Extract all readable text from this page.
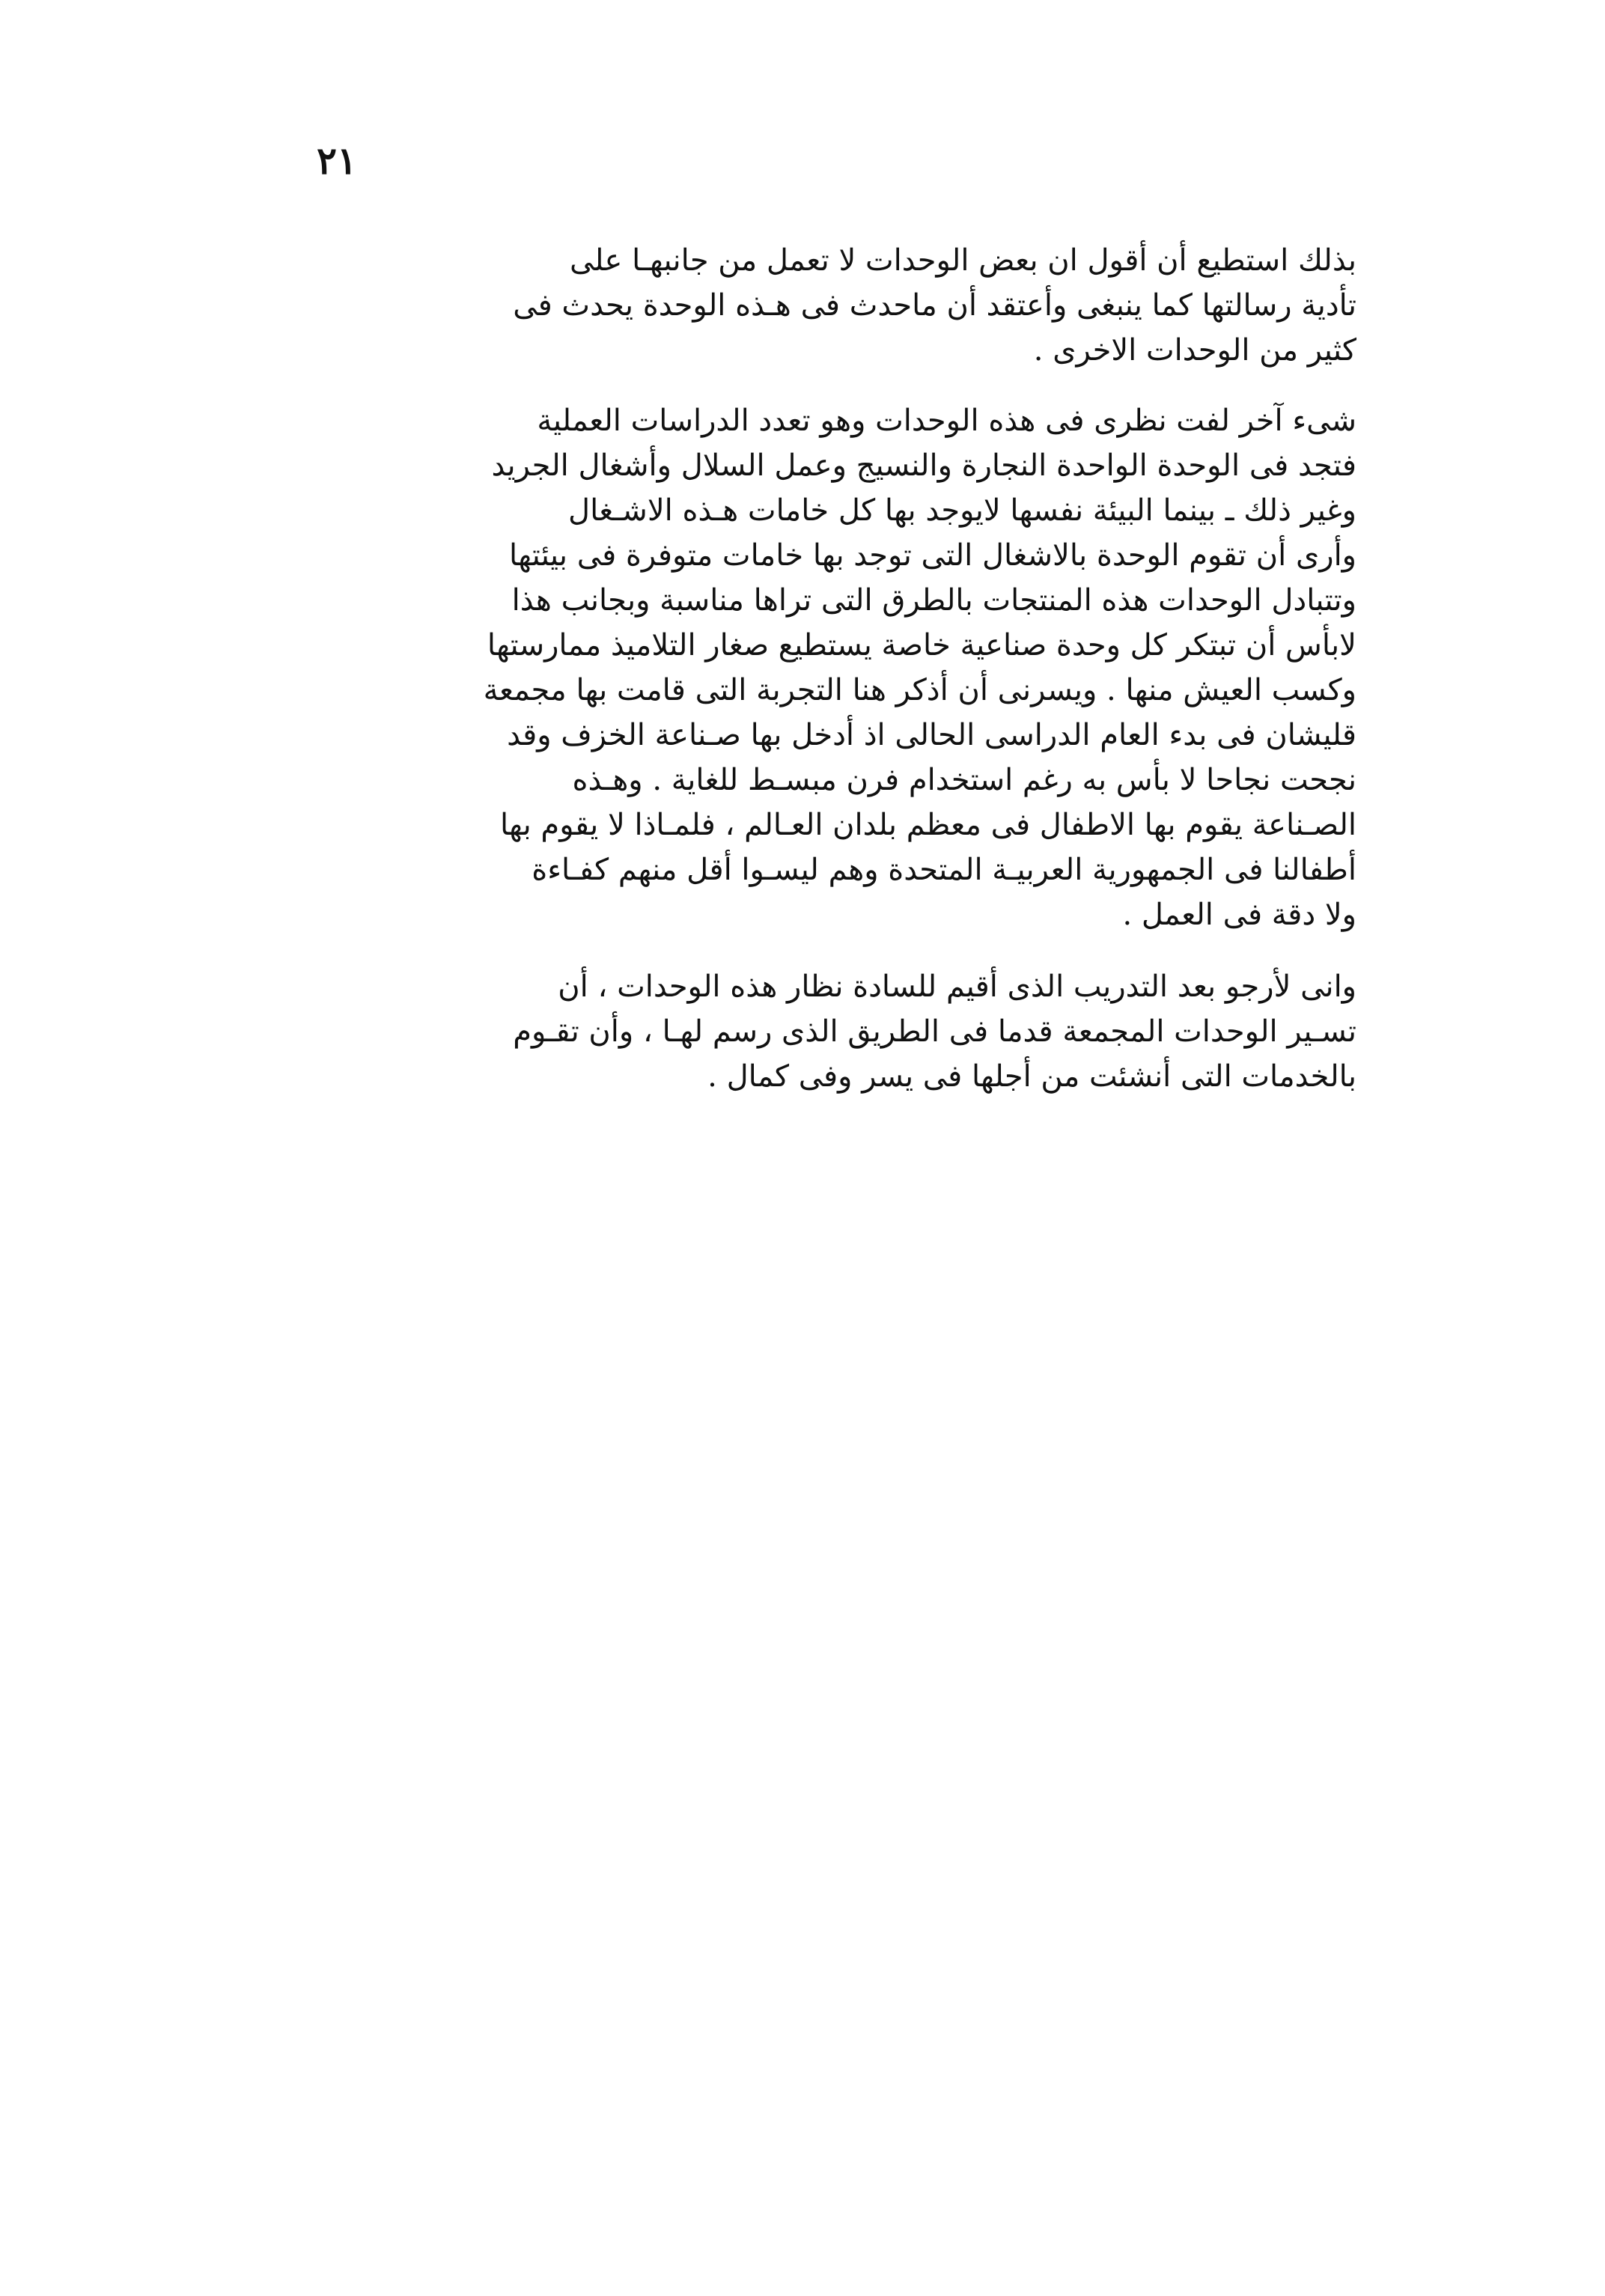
٢١
بذلك استطيع أن أقول ان بعض الوحدات لا تعمل من جانبهـا على
تأدية رسالتها كما ينبغى وأعتقد أن ماحدث فى هـذه الوحدة يحدث فى
كثير من الوحدات الاخرى .
شىء آخر لفت نظرى فى هذه الوحدات وهو تعدد الدراسات العملية
فتجد فى الوحدة الواحدة النجارة والنسيج وعمل السلال وأشغال الجريد
وغير ذلك ـ بينما البيئة نفسها لايوجد بها كل خامات هـذه الاشـغال
وأرى أن تقوم الوحدة بالاشغال التى توجد بها خامات متوفرة فى بيئتها
وتتبادل الوحدات هذه المنتجات بالطرق التى تراها مناسبة وبجانب هذا
لابأس أن تبتكر كل وحدة صناعية خاصة يستطيع صغار التلاميذ ممارستها
وكسب العيش منها . ويسرنى أن أذكر هنا التجربة التى قامت بها مجمعة
قليشان فى بدء العام الدراسى الحالى اذ أدخل بها صـناعة الخزف وقد
نجحت نجاحا لا بأس به رغم استخدام فرن مبسـط للغاية . وهـذه
الصـناعة يقوم بها الاطفال فى معظم بلدان العـالم ، فلمـاذا لا يقوم بها
أطفالنا فى الجمهورية العربيـة المتحدة وهم ليسـوا أقل منهم كفـاءة
ولا دقة فى العمل .
وانى لأرجو بعد التدريب الذى أقيم للسادة نظار هذه الوحدات ، أن
تسـير الوحدات المجمعة قدما فى الطريق الذى رسم لهـا ، وأن تقـوم
بالخدمات التى أنشئت من أجلها فى يسر وفى كمال .
